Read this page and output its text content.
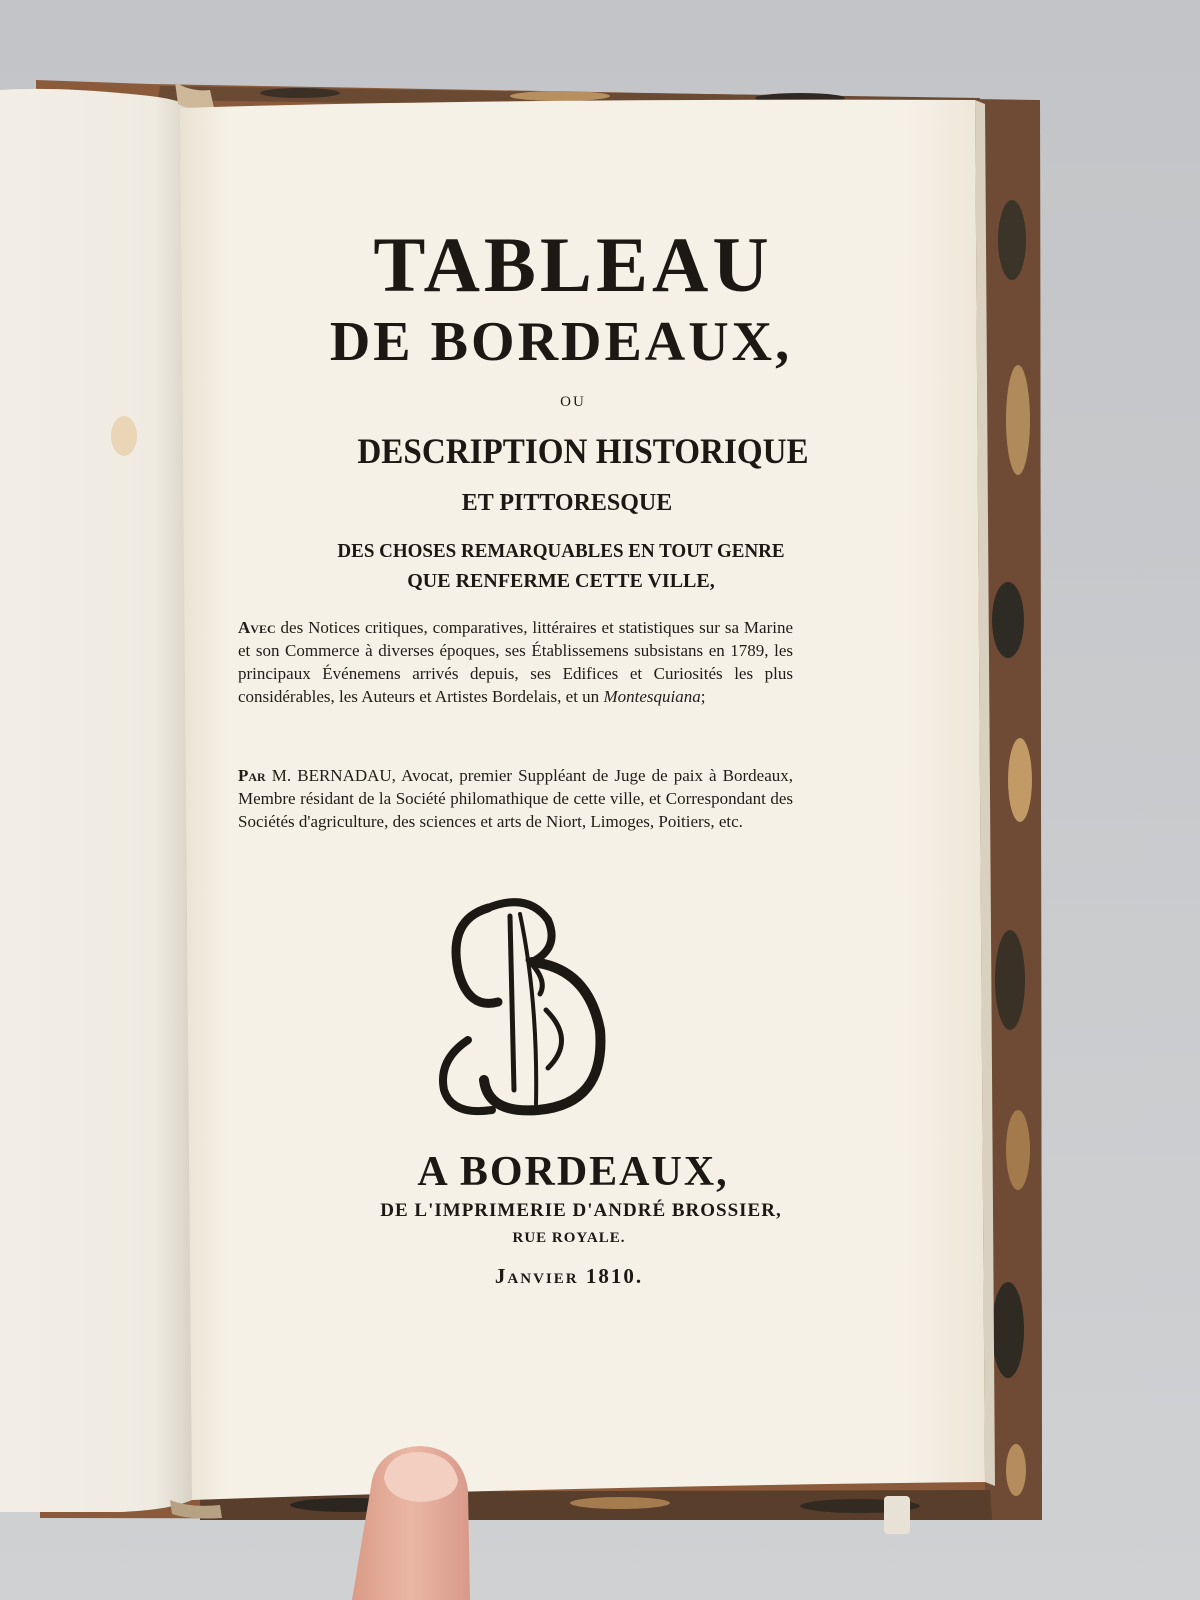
TABLEAU
DE BORDEAUX,
OU
DESCRIPTION HISTORIQUE
ET PITTORESQUE
DES CHOSES REMARQUABLES EN TOUT GENRE
QUE RENFERME CETTE VILLE,

Avec des Notices critiques, comparatives, littéraires et statistiques sur sa Marine et son Commerce à diverses époques, ses Établissemens subsistans en 1789, les principaux Événemens arrivés depuis, ses Edifices et Curiosités les plus considérables, les Auteurs et Artistes Bordelais, et un Montesquiana;

Par M. BERNADAU, Avocat, premier Suppléant de Juge de paix à Bordeaux, Membre résidant de la Société philomathique de cette ville, et Correspondant des Sociétés d'agriculture, des sciences et arts de Niort, Limoges, Poitiers, etc.

A BORDEAUX,
DE L'IMPRIMERIE D'ANDRÉ BROSSIER,
RUE ROYALE.
Janvier 1810.
